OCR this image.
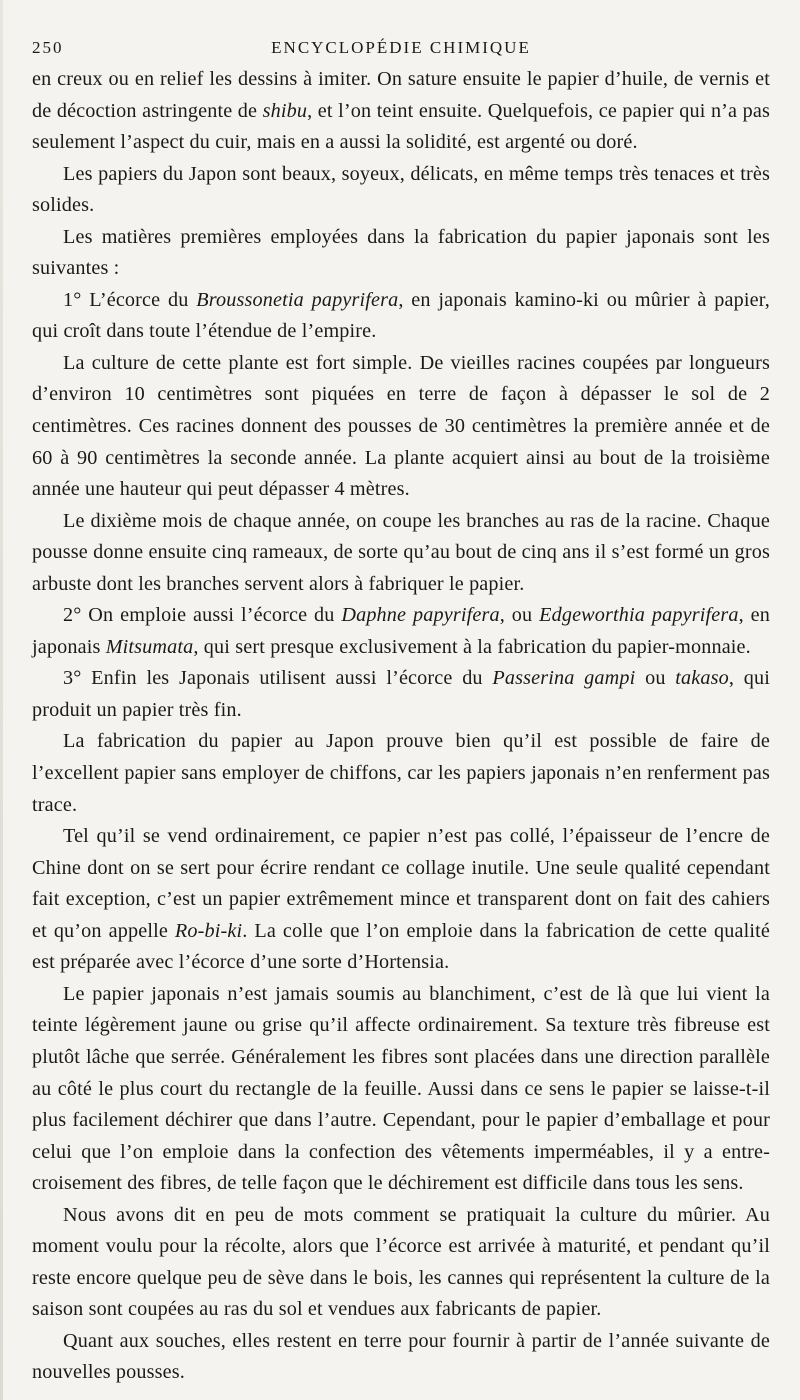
250	ENCYCLOPÉDIE CHIMIQUE

en creux ou en relief les dessins à imiter. On sature ensuite le papier d’huile, de vernis et de décoction astringente de shibu, et l’on teint ensuite. Quelquefois, ce papier qui n’a pas seulement l’aspect du cuir, mais en a aussi la solidité, est argenté ou doré.

Les papiers du Japon sont beaux, soyeux, délicats, en même temps très tenaces et très solides.

Les matières premières employées dans la fabrication du papier japonais sont les suivantes :

1° L’écorce du Broussonetia papyrifera, en japonais kamino-ki ou mûrier à papier, qui croît dans toute l’étendue de l’empire.

La culture de cette plante est fort simple. De vieilles racines coupées par longueurs d’environ 10 centimètres sont piquées en terre de façon à dépasser le sol de 2 centimètres. Ces racines donnent des pousses de 30 centimètres la première année et de 60 à 90 centimètres la seconde année. La plante acquiert ainsi au bout de la troisième année une hauteur qui peut dépasser 4 mètres.

Le dixième mois de chaque année, on coupe les branches au ras de la racine. Chaque pousse donne ensuite cinq rameaux, de sorte qu’au bout de cinq ans il s’est formé un gros arbuste dont les branches servent alors à fabriquer le papier.

2° On emploie aussi l’écorce du Daphne papyrifera, ou Edgeworthia papyrifera, en japonais Mitsumata, qui sert presque exclusivement à la fabrication du papier-monnaie.

3° Enfin les Japonais utilisent aussi l’écorce du Passerina gampi ou takaso, qui produit un papier très fin.

La fabrication du papier au Japon prouve bien qu’il est possible de faire de l’excellent papier sans employer de chiffons, car les papiers japonais n’en renferment pas trace.

Tel qu’il se vend ordinairement, ce papier n’est pas collé, l’épaisseur de l’encre de Chine dont on se sert pour écrire rendant ce collage inutile. Une seule qualité cependant fait exception, c’est un papier extrêmement mince et transparent dont on fait des cahiers et qu’on appelle Ro-bi-ki. La colle que l’on emploie dans la fabrication de cette qualité est préparée avec l’écorce d’une sorte d’Hortensia.

Le papier japonais n’est jamais soumis au blanchiment, c’est de là que lui vient la teinte légèrement jaune ou grise qu’il affecte ordinairement. Sa texture très fibreuse est plutôt lâche que serrée. Généralement les fibres sont placées dans une direction parallèle au côté le plus court du rectangle de la feuille. Aussi dans ce sens le papier se laisse-t-il plus facilement déchirer que dans l’autre. Cependant, pour le papier d’emballage et pour celui que l’on emploie dans la confection des vêtements imperméables, il y a entre-croisement des fibres, de telle façon que le déchirement est difficile dans tous les sens.

Nous avons dit en peu de mots comment se pratiquait la culture du mûrier. Au moment voulu pour la récolte, alors que l’écorce est arrivée à maturité, et pendant qu’il reste encore quelque peu de sève dans le bois, les cannes qui représentent la culture de la saison sont coupées au ras du sol et vendues aux fabricants de papier.

Quant aux souches, elles restent en terre pour fournir à partir de l’année suivante de nouvelles pousses.
